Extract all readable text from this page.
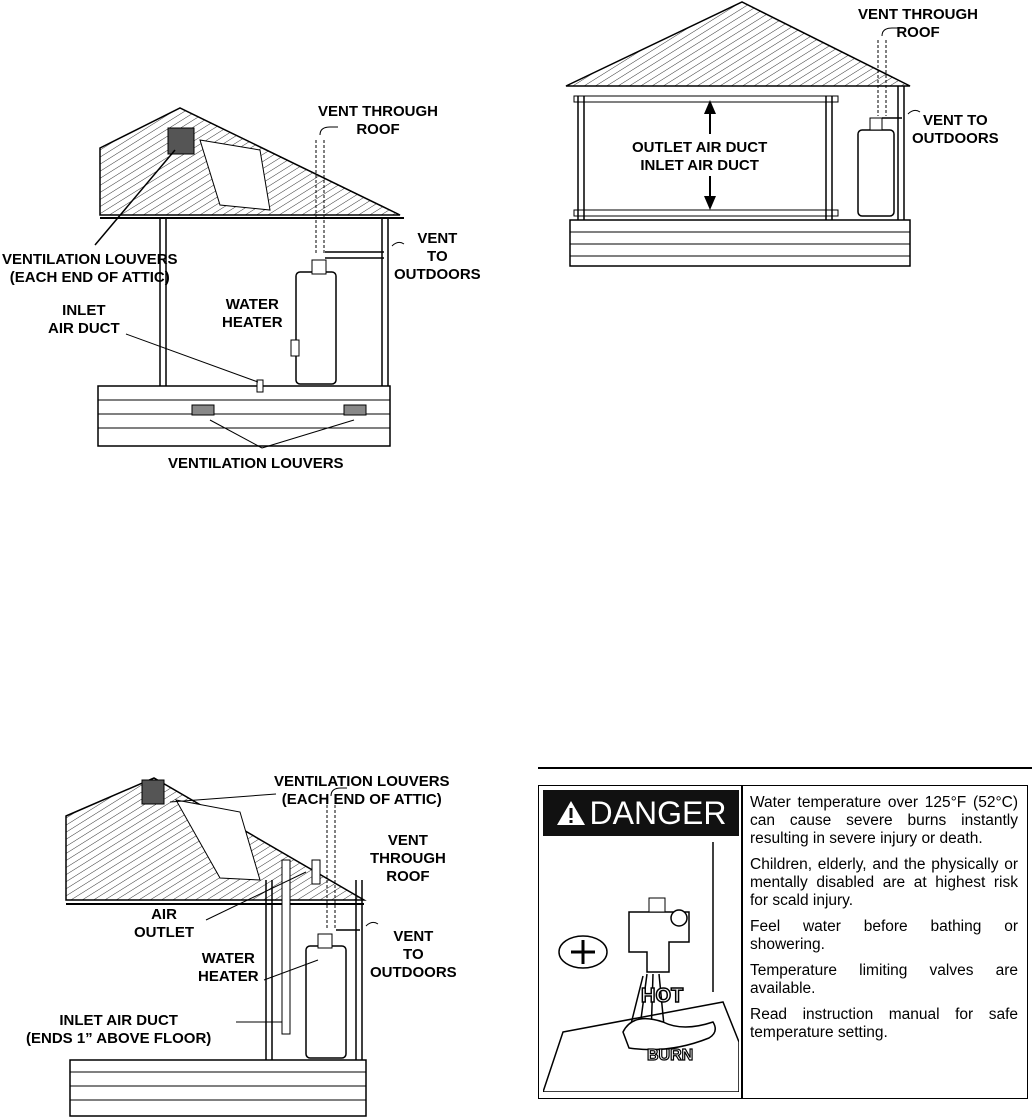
VENT THROUGH
ROOF
VENT
TO
OUTDOORS
VENTILATION LOUVERS
(EACH END OF ATTIC)
INLET
AIR DUCT
WATER
HEATER
VENTILATION LOUVERS
VENT THROUGH
ROOF
VENT TO
OUTDOORS
OUTLET AIR DUCT
INLET AIR DUCT
VENTILATION LOUVERS
(EACH END OF ATTIC)
VENT
THROUGH
ROOF
AIR
OUTLET	VENT
TO
OUTDOORS
WATER
HEATER
INLET AIR DUCT
(ENDS 1” ABOVE FLOOR)
DANGER
HOT
BURN

Water temperature over 125°F (52°C) can cause severe burns instantly resulting in severe injury or death.

Children, elderly, and the physically or mentally disabled are at highest risk for scald injury.

Feel water before bathing or showering.

Temperature limiting valves are available.

Read instruction manual for safe temperature setting.
